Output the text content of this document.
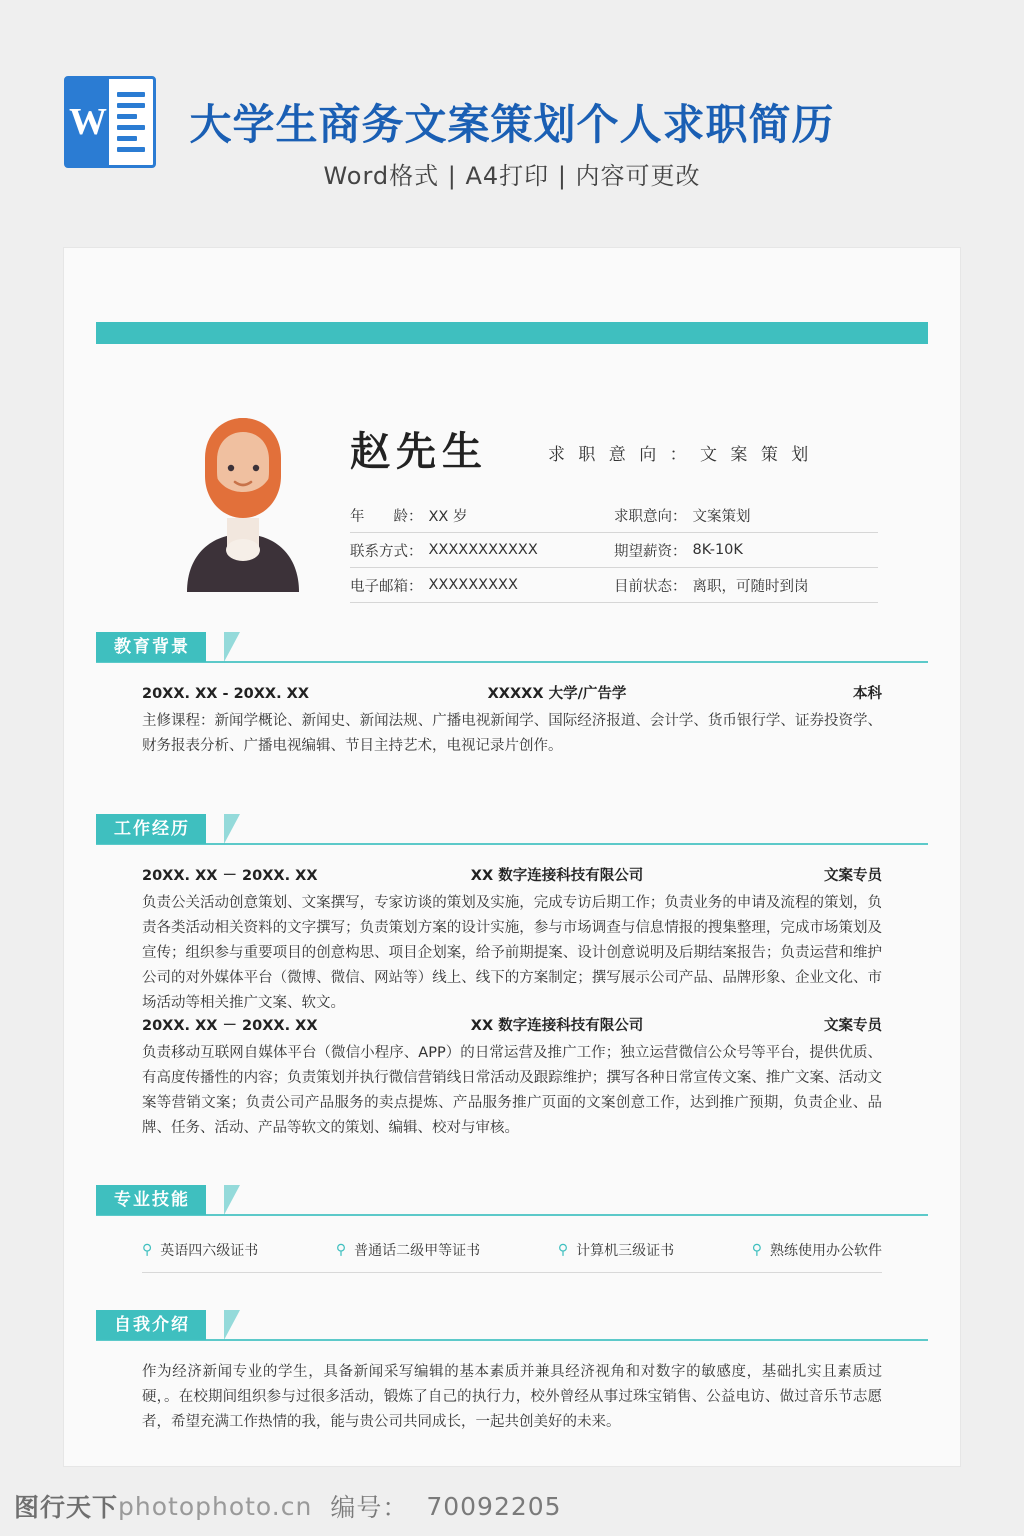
W	大学生商务文案策划个人求职简历
Word格式 | A4打印 | 内容可更改
赵先生	求 职 意 向 ： 文 案 策 划
年　　龄： XX 岁	求职意向： 文案策划
联系方式： XXXXXXXXXXX	期望薪资： 8K-10K
电子邮箱： XXXXXXXXX	目前状态： 离职，可随时到岗
教育背景
20XX. XX - 20XX. XX	XXXXX 大学/广告学	本科
主修课程：新闻学概论、新闻史、新闻法规、广播电视新闻学、国际经济报道、会计学、货币银行学、证券投资学、财务报表分析、广播电视编辑、节目主持艺术，电视记录片创作。
工作经历
20XX. XX － 20XX. XX	XX 数字连接科技有限公司	文案专员
负责公关活动创意策划、文案撰写，专家访谈的策划及实施，完成专访后期工作；负责业务的申请及流程的策划，负责各类活动相关资料的文字撰写；负责策划方案的设计实施，参与市场调查与信息情报的搜集整理，完成市场策划及宣传；组织参与重要项目的创意构思、项目企划案，给予前期提案、设计创意说明及后期结案报告；负责运营和维护公司的对外媒体平台（微博、微信、网站等）线上、线下的方案制定；撰写展示公司产品、品牌形象、企业文化、市场活动等相关推广文案、软文。
20XX. XX － 20XX. XX	XX 数字连接科技有限公司	文案专员
负责移动互联网自媒体平台（微信小程序、APP）的日常运营及推广工作；独立运营微信公众号等平台，提供优质、有高度传播性的内容；负责策划并执行微信营销线日常活动及跟踪维护；撰写各种日常宣传文案、推广文案、活动文案等营销文案；负责公司产品服务的卖点提炼、产品服务推广页面的文案创意工作，达到推广预期，负责企业、品牌、任务、活动、产品等软文的策划、编辑、校对与审核。
专业技能
⚲ 英语四六级证书	⚲ 普通话二级甲等证书	⚲ 计算机三级证书	⚲ 熟练使用办公软件
自我介绍
作为经济新闻专业的学生，具备新闻采写编辑的基本素质并兼具经济视角和对数字的敏感度，基础扎实且素质过硬，。在校期间组织参与过很多活动，锻炼了自己的执行力，校外曾经从事过珠宝销售、公益电访、做过音乐节志愿者，希望充满工作热情的我，能与贵公司共同成长，一起共创美好的未来。
图行天下 photophoto.cn 编号： 70092205
